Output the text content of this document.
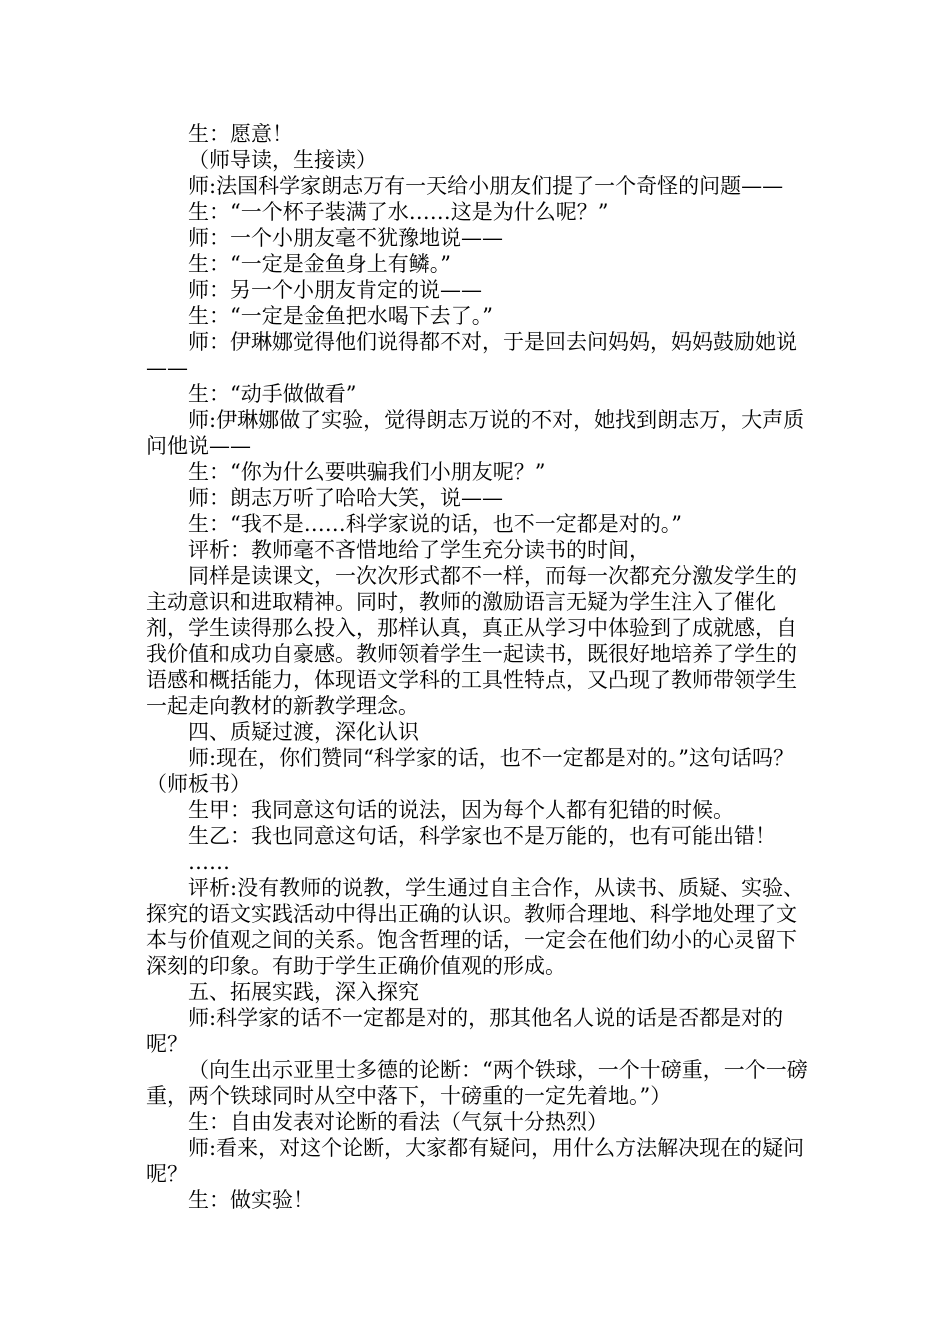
生：愿意！

（师导读，生接读）

师:法国科学家朗志万有一天给小朋友们提了一个奇怪的问题——

生：“一个杯子装满了水……这是为什么呢？”

师：一个小朋友毫不犹豫地说——

生：“一定是金鱼身上有鳞。”

师：另一个小朋友肯定的说——

生：“一定是金鱼把水喝下去了。”

师：伊琳娜觉得他们说得都不对，于是回去问妈妈，妈妈鼓励她说——

生：“动手做做看”

师:伊琳娜做了实验，觉得朗志万说的不对，她找到朗志万，大声质问他说——

生：“你为什么要哄骗我们小朋友呢？”

师：朗志万听了哈哈大笑，说——

生：“我不是……科学家说的话，也不一定都是对的。”

评析：教师毫不吝惜地给了学生充分读书的时间，

同样是读课文，一次次形式都不一样，而每一次都充分激发学生的主动意识和进取精神。同时，教师的激励语言无疑为学生注入了催化剂，学生读得那么投入，那样认真，真正从学习中体验到了成就感，自我价值和成功自豪感。教师领着学生一起读书，既很好地培养了学生的语感和概括能力，体现语文学科的工具性特点，又凸现了教师带领学生一起走向教材的新教学理念。

四、质疑过渡，深化认识

师:现在，你们赞同“科学家的话，也不一定都是对的。”这句话吗？（师板书）

生甲：我同意这句话的说法，因为每个人都有犯错的时候。

生乙：我也同意这句话，科学家也不是万能的，也有可能出错！

……

评析:没有教师的说教，学生通过自主合作，从读书、质疑、实验、探究的语文实践活动中得出正确的认识。教师合理地、科学地处理了文本与价值观之间的关系。饱含哲理的话，一定会在他们幼小的心灵留下深刻的印象。有助于学生正确价值观的形成。

五、拓展实践，深入探究

师:科学家的话不一定都是对的，那其他名人说的话是否都是对的呢？

（向生出示亚里士多德的论断：“两个铁球，一个十磅重，一个一磅重，两个铁球同时从空中落下，十磅重的一定先着地。”）

生：自由发表对论断的看法（气氛十分热烈）

师:看来，对这个论断，大家都有疑问，用什么方法解决现在的疑问呢？

生：做实验！
